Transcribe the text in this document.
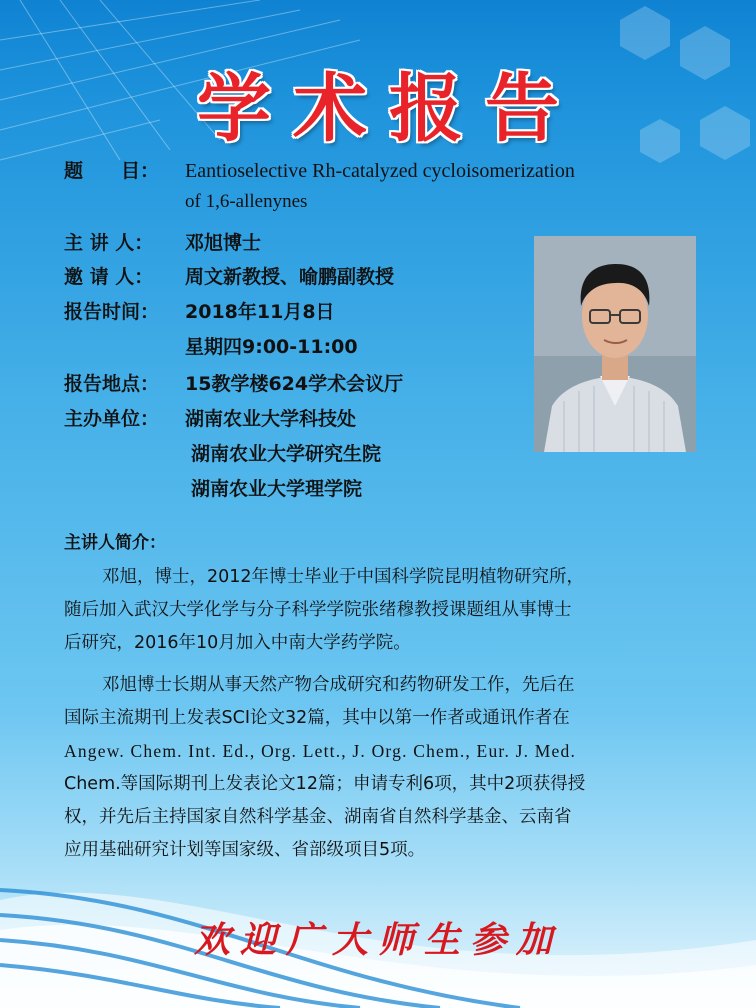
学术报告
题　　目： Eantioselective Rh-catalyzed cycloisomerization
of 1,6-allenynes
主 讲 人： 邓旭博士
邀 请 人： 周文新教授、喻鹏副教授
报告时间： 2018年11月8日
星期四9:00-11:00
报告地点： 15教学楼624学术会议厅
主办单位： 湖南农业大学科技处
湖南农业大学研究生院
湖南农业大学理学院
主讲人简介：
邓旭，博士，2012年博士毕业于中国科学院昆明植物研究所，
随后加入武汉大学化学与分子科学学院张绪穆教授课题组从事博士
后研究，2016年10月加入中南大学药学院。
邓旭博士长期从事天然产物合成研究和药物研发工作，先后在
国际主流期刊上发表SCI论文32篇，其中以第一作者或通讯作者在
Angew. Chem. Int. Ed., Org. Lett., J. Org. Chem., Eur. J. Med.
Chem.等国际期刊上发表论文12篇；申请专利6项，其中2项获得授
权，并先后主持国家自然科学基金、湖南省自然科学基金、云南省
应用基础研究计划等国家级、省部级项目5项。
欢迎广大师生参加
